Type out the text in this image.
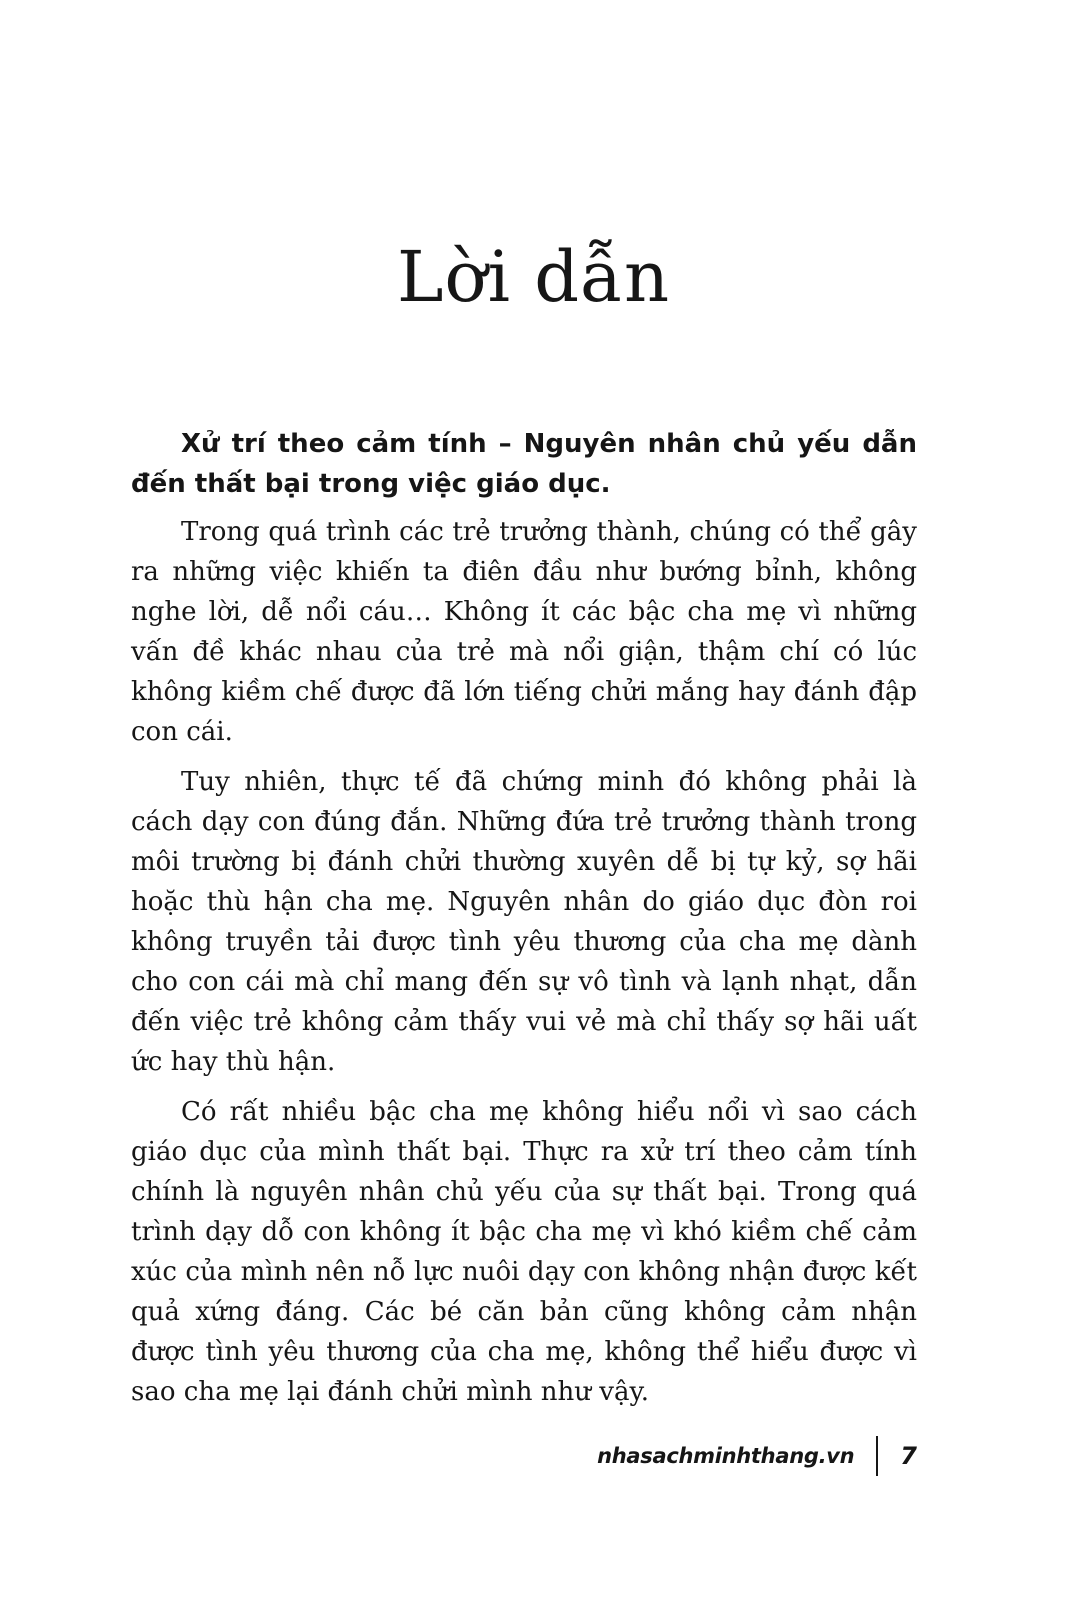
Lời dẫn

Xử trí theo cảm tính – Nguyên nhân chủ yếu dẫn đến thất bại trong việc giáo dục.

Trong quá trình các trẻ trưởng thành, chúng có thể gây ra những việc khiến ta điên đầu như bướng bỉnh, không nghe lời, dễ nổi cáu… Không ít các bậc cha mẹ vì những vấn đề khác nhau của trẻ mà nổi giận, thậm chí có lúc không kiềm chế được đã lớn tiếng chửi mắng hay đánh đập con cái.

Tuy nhiên, thực tế đã chứng minh đó không phải là cách dạy con đúng đắn. Những đứa trẻ trưởng thành trong môi trường bị đánh chửi thường xuyên dễ bị tự kỷ, sợ hãi hoặc thù hận cha mẹ. Nguyên nhân do giáo dục đòn roi không truyền tải được tình yêu thương của cha mẹ dành cho con cái mà chỉ mang đến sự vô tình và lạnh nhạt, dẫn đến việc trẻ không cảm thấy vui vẻ mà chỉ thấy sợ hãi uất ức hay thù hận.

Có rất nhiều bậc cha mẹ không hiểu nổi vì sao cách giáo dục của mình thất bại. Thực ra xử trí theo cảm tính chính là nguyên nhân chủ yếu của sự thất bại. Trong quá trình dạy dỗ con không ít bậc cha mẹ vì khó kiềm chế cảm xúc của mình nên nỗ lực nuôi dạy con không nhận được kết quả xứng đáng. Các bé căn bản cũng không cảm nhận được tình yêu thương của cha mẹ, không thể hiểu được vì sao cha mẹ lại đánh chửi mình như vậy.

nhasachminhthang.vn 7
